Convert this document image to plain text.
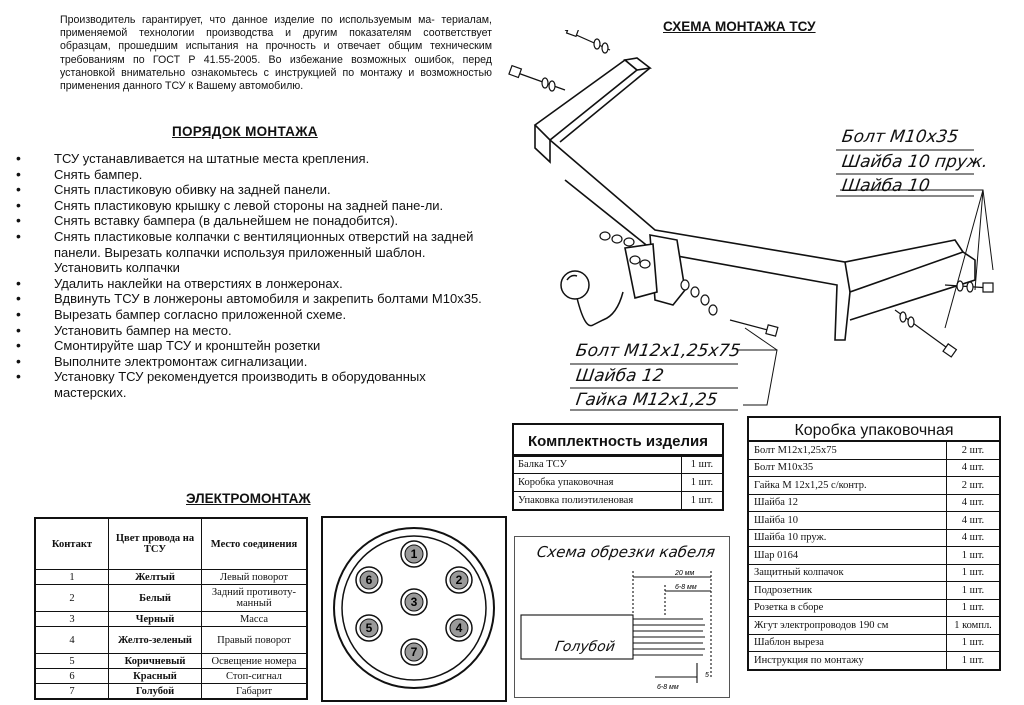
Производитель гарантирует, что данное изделие по используемым ма- териалам, применяемой технологии производства и другим показателям соответствует образцам, прошедшим испытания на прочность и отвечает общим техническим требованиям по ГОСТ Р 41.55-2005. Во избежание возможных ошибок, перед установкой внимательно ознакомьтесь с инструкцией по монтажу и возможностью применения данного ТСУ к Вашему автомобилю.
ПОРЯДОК МОНТАЖА
• ТСУ устанавливается на штатные места крепления.
• Снять бампер.
• Снять пластиковую обивку на задней панели.
• Снять пластиковую крышку с левой стороны на задней пане-ли.
• Снять вставку бампера (в дальнейшем не понадобится).
• Снять пластиковые колпачки с вентиляционных отверстий на задней панели. Вырезать колпачки используя приложенный шаблон. Установить колпачки
• Удалить наклейки на отверстиях в лонжеронах.
• Вдвинуть ТСУ в лонжероны автомобиля и закрепить болтами М10х35.
• Вырезать бампер согласно приложенной схеме.
• Установить бампер на место.
• Смонтируйте шар ТСУ и кронштейн розетки
• Выполните электромонтаж сигнализации.
• Установку ТСУ рекомендуется производить в оборудованных мастерских.
ЭЛЕКТРОМОНТАЖ
Контакт	Цвет провода на ТСУ	Место соединения
1	Желтый	Левый поворот
2	Белый	Задний противоту-манный
3	Черный	Масса
4	Желто-зеленый	Правый поворот
5	Коричневый	Освещение номера
6	Красный	Стоп-сигнал
7	Голубой	Габарит
1
2
3
4
5
6
7
СХЕМА МОНТАЖА ТСУ
Болт М10х35
Шайба 10 пруж.
Шайба 10
Болт М12х1,25х75
Шайба 12
Гайка М12х1,25
Комплектность изделия
Балка ТСУ	1 шт.
Коробка упаковочная	1 шт.
Упаковка полиэтиленовая	1 шт.
Схема обрезки кабеля
20 мм
6-8 мм
6-8 мм
5
Голубой
Коробка упаковочная
Болт М12х1,25х75	2 шт.
Болт М10х35	4 шт.
Гайка М 12х1,25 с/контр.	2 шт.
Шайба 12	4 шт.
Шайба 10	4 шт.
Шайба 10 пруж.	4 шт.
Шар 0164	1 шт.
Защитный колпачок	1 шт.
Подрозетник	1 шт.
Розетка в сборе	1 шт.
Жгут электропроводов 190 см	1 компл.
Шаблон выреза	1 шт.
Инструкция по монтажу	1 шт.
